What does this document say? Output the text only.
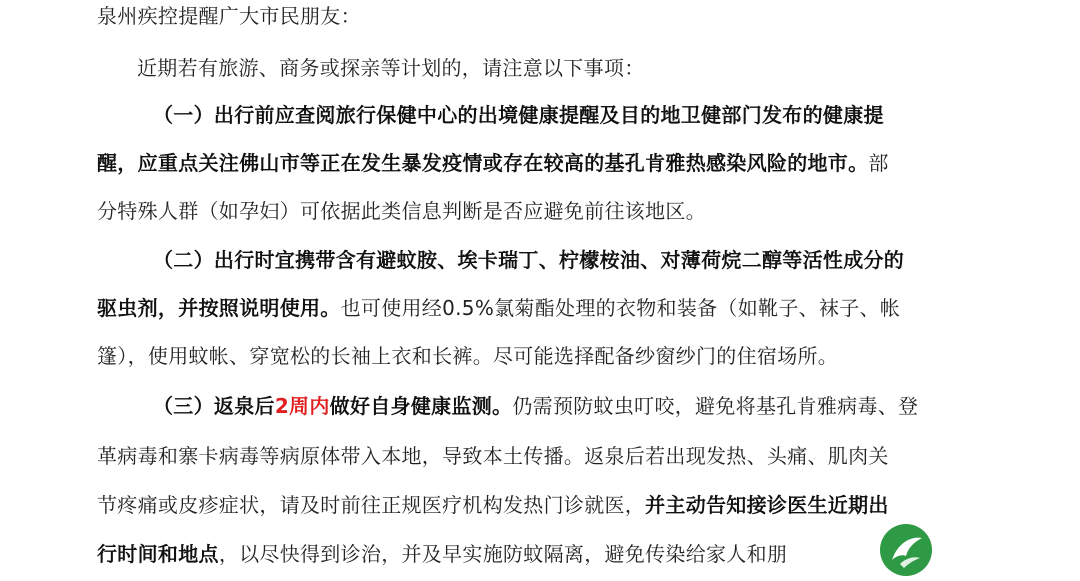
泉州疾控提醒广大市民朋友：
近期若有旅游、商务或探亲等计划的，请注意以下事项：
（一）出行前应查阅旅行保健中心的出境健康提醒及目的地卫健部门发布的健康提
醒，应重点关注佛山市等正在发生暴发疫情或存在较高的基孔肯雅热感染风险的地市。部
分特殊人群（如孕妇）可依据此类信息判断是否应避免前往该地区。
（二）出行时宜携带含有避蚊胺、埃卡瑞丁、柠檬桉油、对薄荷烷二醇等活性成分的
驱虫剂，并按照说明使用。也可使用经0.5%氯菊酯处理的衣物和装备（如靴子、袜子、帐
篷），使用蚊帐、穿宽松的长袖上衣和长裤。尽可能选择配备纱窗纱门的住宿场所。
（三）返泉后2周内做好自身健康监测。仍需预防蚊虫叮咬，避免将基孔肯雅病毒、登
革病毒和寨卡病毒等病原体带入本地，导致本土传播。返泉后若出现发热、头痛、肌肉关
节疼痛或皮疹症状，请及时前往正规医疗机构发热门诊就医，并主动告知接诊医生近期出
行时间和地点，以尽快得到诊治，并及早实施防蚊隔离，避免传染给家人和朋
